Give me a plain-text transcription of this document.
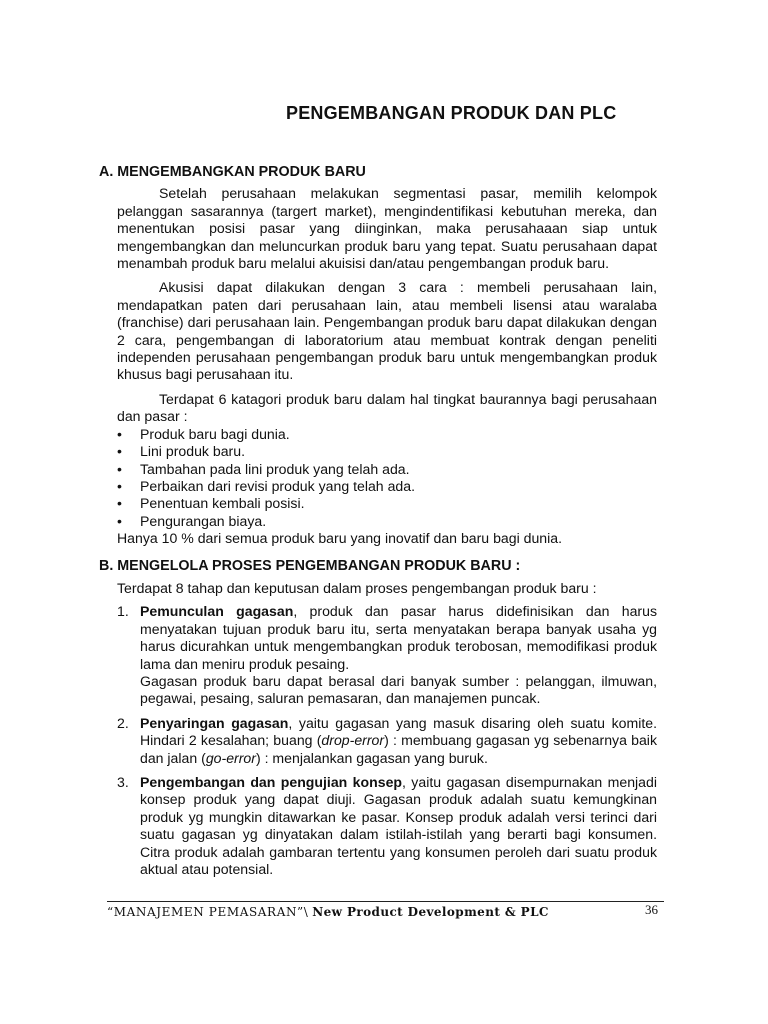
PENGEMBANGAN PRODUK DAN PLC
A. MENGEMBANGKAN PRODUK BARU

Setelah perusahaan melakukan segmentasi pasar, memilih kelompok pelanggan sasarannya (targert market), mengindentifikasi kebutuhan mereka, dan menentukan posisi pasar yang diinginkan, maka perusahaaan siap untuk mengembangkan dan meluncurkan produk baru yang tepat. Suatu perusahaan dapat menambah produk baru melalui akuisisi dan/atau pengembangan produk baru.

Akusisi dapat dilakukan dengan 3 cara : membeli perusahaan lain, mendapatkan paten dari perusahaan lain, atau membeli lisensi atau waralaba (franchise) dari perusahaan lain. Pengembangan produk baru dapat dilakukan dengan 2 cara, pengembangan di laboratorium atau membuat kontrak dengan peneliti independen perusahaan pengembangan produk baru untuk mengembangkan produk khusus bagi perusahaan itu.

Terdapat 6 katagori produk baru dalam hal tingkat baurannya bagi perusahaan dan pasar :

• Produk baru bagi dunia.
• Lini produk baru.
• Tambahan pada lini produk yang telah ada.
• Perbaikan dari revisi produk yang telah ada.
• Penentuan kembali posisi.
• Pengurangan biaya.

Hanya 10 % dari semua produk baru yang inovatif dan baru bagi dunia.

B. MENGELOLA PROSES PENGEMBANGAN PRODUK BARU :

Terdapat 8 tahap dan keputusan dalam proses pengembangan produk baru :

1. Pemunculan gagasan, produk dan pasar harus didefinisikan dan harus menyatakan tujuan produk baru itu, serta menyatakan berapa banyak usaha yg harus dicurahkan untuk mengembangkan produk terobosan, memodifikasi produk lama dan meniru produk pesaing.
Gagasan produk baru dapat berasal dari banyak sumber : pelanggan, ilmuwan, pegawai, pesaing, saluran pemasaran, dan manajemen puncak.
2. Penyaringan gagasan, yaitu gagasan yang masuk disaring oleh suatu komite. Hindari 2 kesalahan; buang (drop-error) : membuang gagasan yg sebenarnya baik dan jalan (go-error) : menjalankan gagasan yang buruk.
3. Pengembangan dan pengujian konsep, yaitu gagasan disempurnakan menjadi konsep produk yang dapat diuji. Gagasan produk adalah suatu kemungkinan produk yg mungkin ditawarkan ke pasar. Konsep produk adalah versi terinci dari suatu gagasan yg dinyatakan dalam istilah-istilah yang berarti bagi konsumen. Citra produk adalah gambaran tertentu yang konsumen peroleh dari suatu produk aktual atau potensial.
“MANAJEMEN PEMASARAN”\ New Product Development & PLC	36
